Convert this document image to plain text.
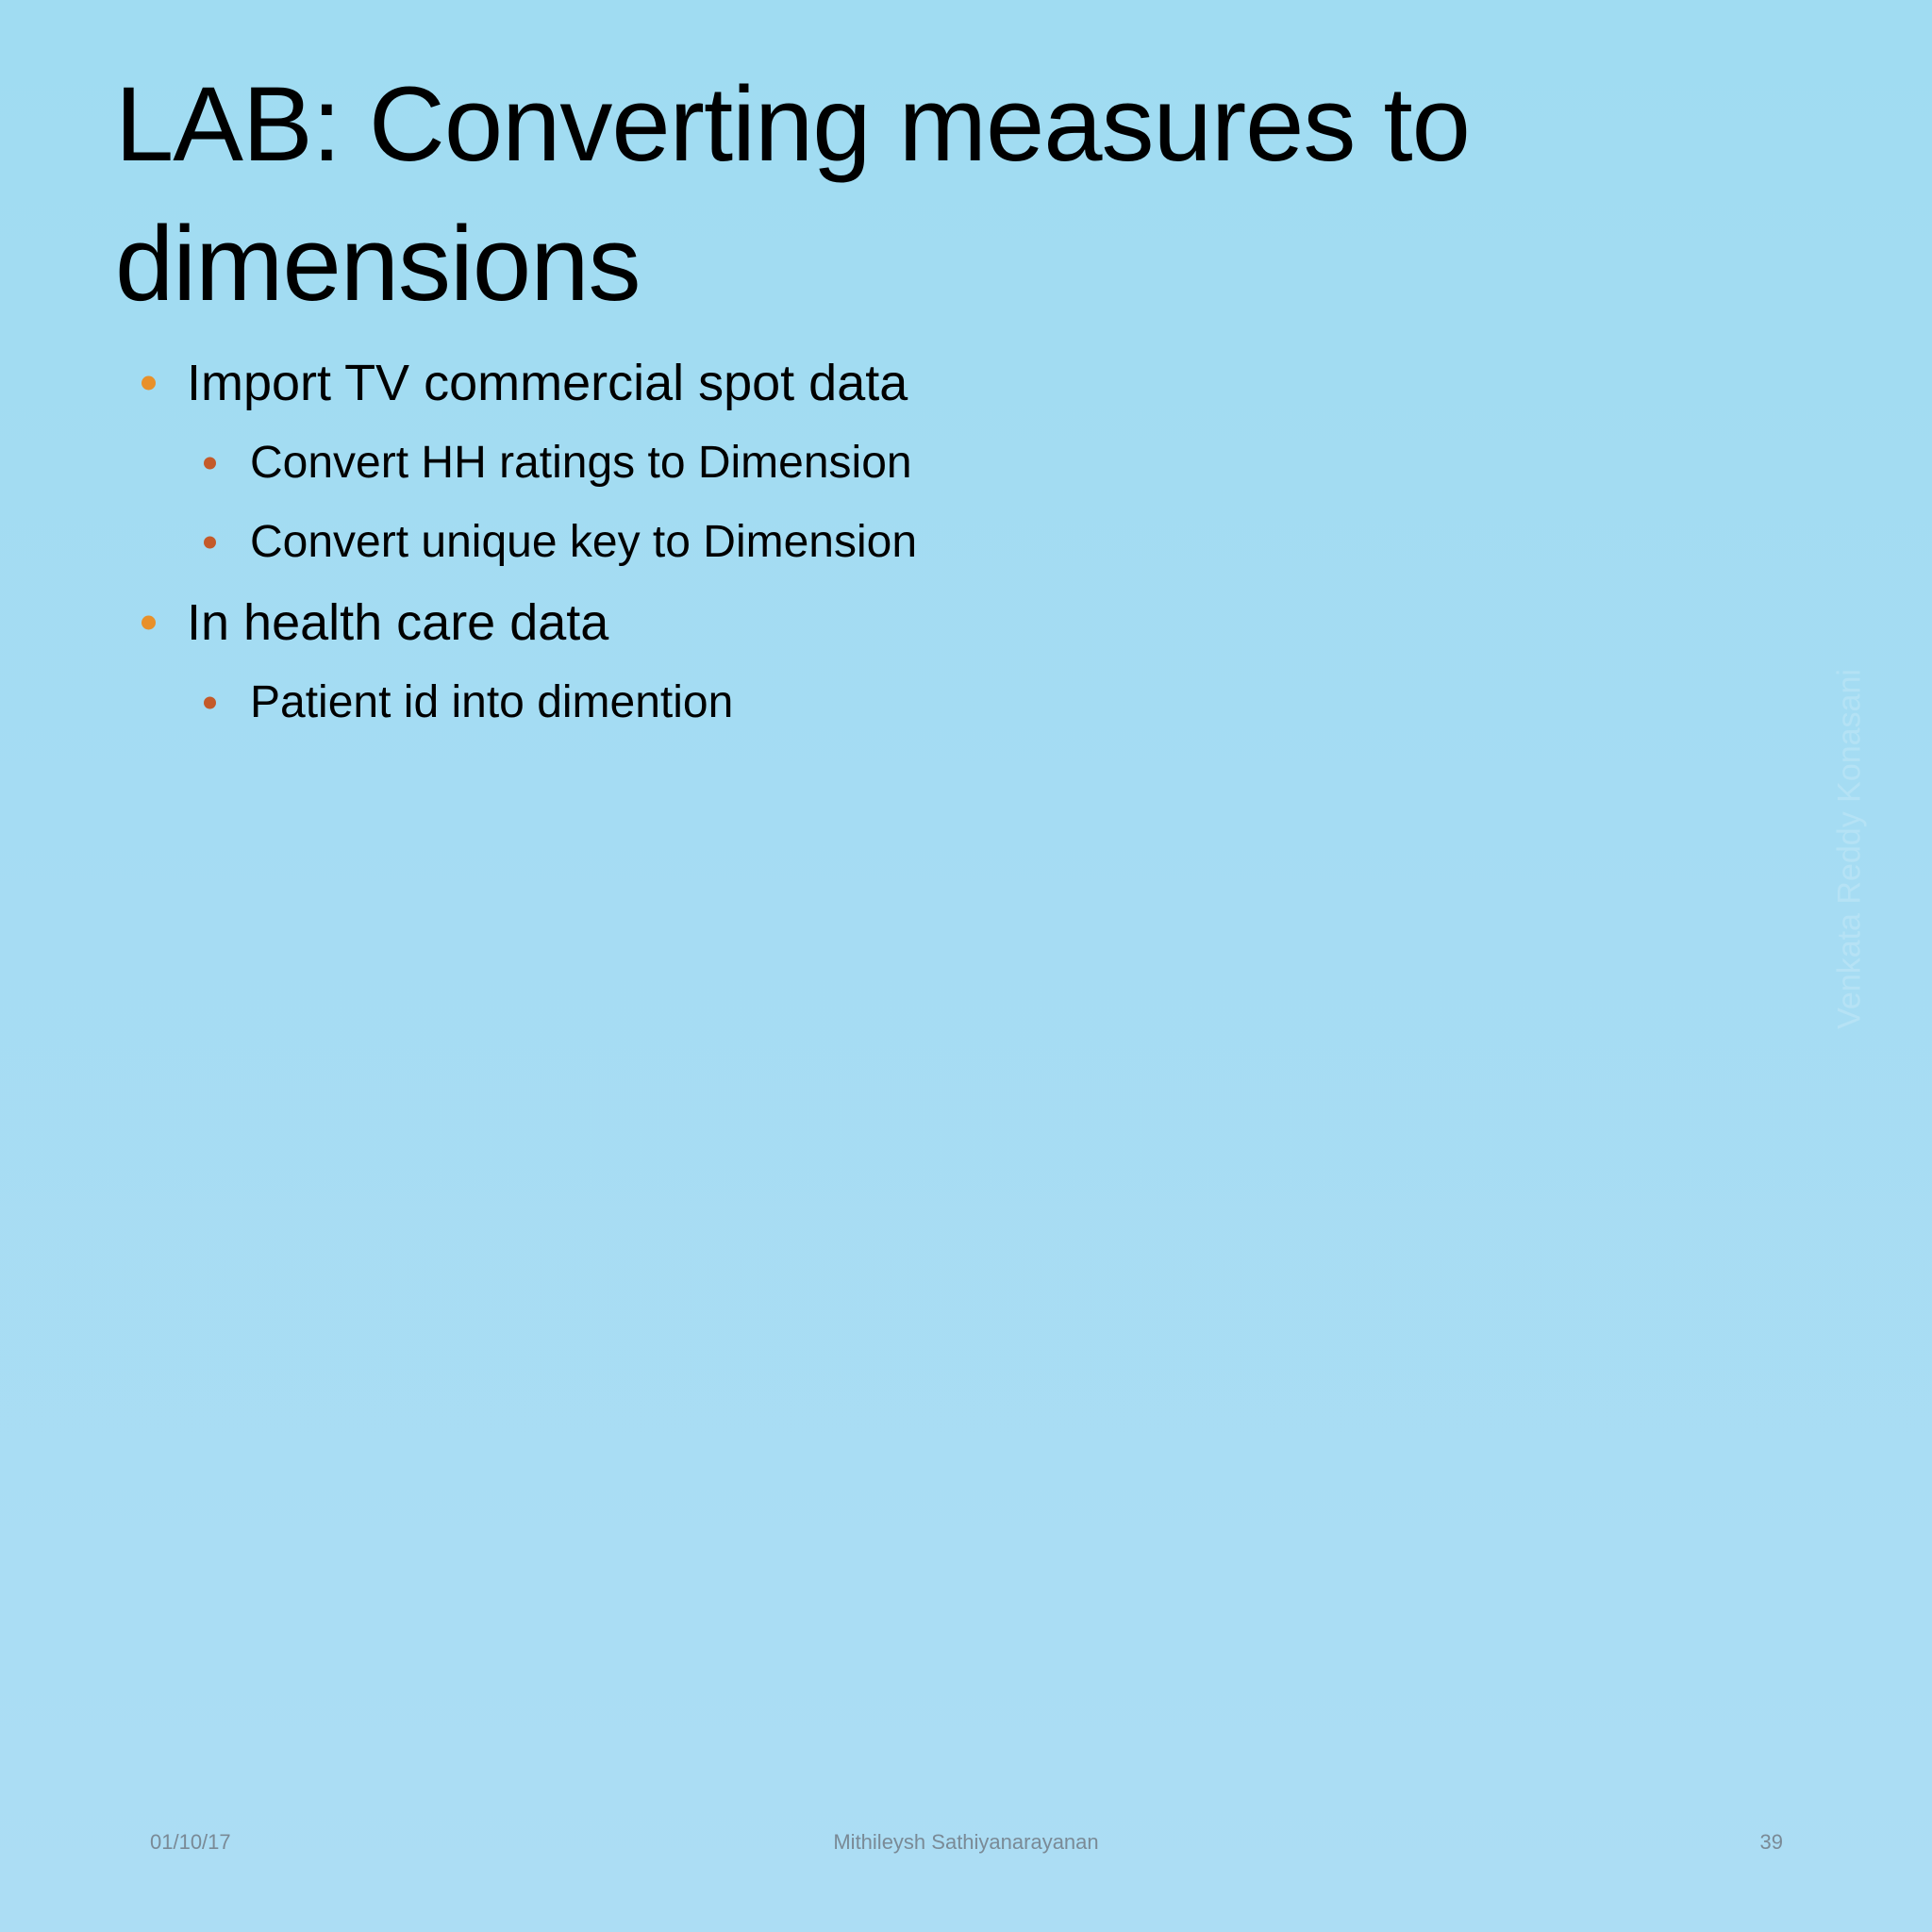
LAB: Converting measures to dimensions
Import TV commercial spot data
Convert HH ratings to Dimension
Convert unique key to Dimension
In health care data
Patient id into dimention	Venkata Reddy Konasani
Mithileysh Sathiyanarayanan
01/10/17	39
